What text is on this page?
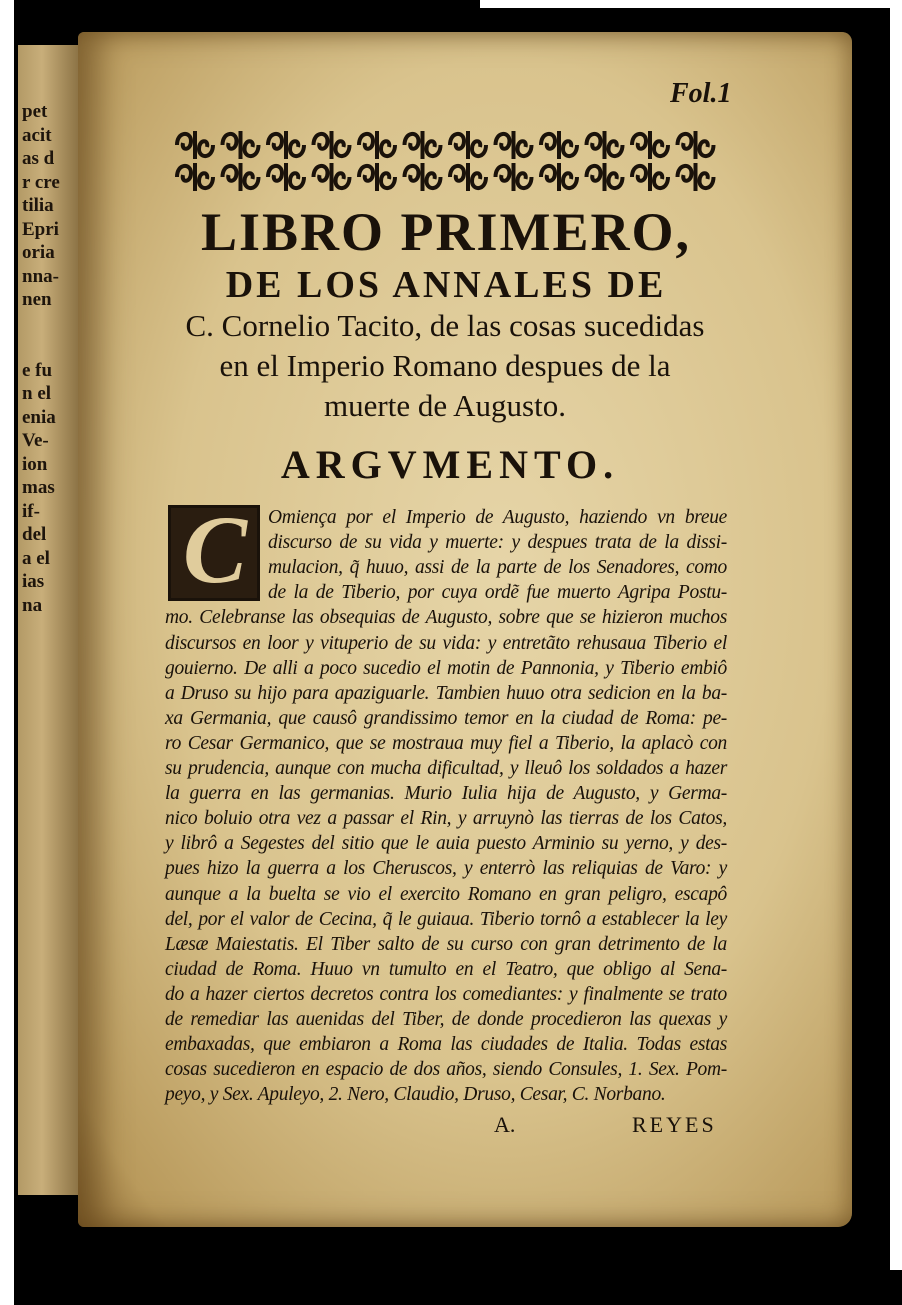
pet
acit
as d
r cre
tilia
Epri
oria
nna-
nen

e fu
n el
enia
Ve-
ion
mas
if-
del
a el
ias
na
Fol.1
LIBRO PRIMERO,
DE LOS ANNALES DE
C. Cornelio Tacito, de las cosas sucedidas
en el Imperio Romano despues de la
muerte de Augusto.
ARGVMENTO.
C Omiença por el Imperio de Augusto, haziendo vn breue
discurso de su vida y muerte: y despues trata de la dissi-
mulacion, q̃ huuo, assi de la parte de los Senadores, como
de la de Tiberio, por cuya ordẽ fue muerto Agripa Postu-
mo. Celebranse las obsequias de Augusto, sobre que se hizieron muchos
discursos en loor y vituperio de su vida: y entretãto rehusaua Tiberio el
gouierno. De alli a poco sucedio el motin de Pannonia, y Tiberio embiô
a Druso su hijo para apaziguarle. Tambien huuo otra sedicion en la ba-
xa Germania, que causô grandissimo temor en la ciudad de Roma: pe-
ro Cesar Germanico, que se mostraua muy fiel a Tiberio, la aplacò con
su prudencia, aunque con mucha dificultad, y lleuô los soldados a hazer
la guerra en las germanias. Murio Iulia hija de Augusto, y Germa-
nico boluio otra vez a passar el Rin, y arruynò las tierras de los Catos,
y librô a Segestes del sitio que le auia puesto Arminio su yerno, y des-
pues hizo la guerra a los Cheruscos, y enterrò las reliquias de Varo: y
aunque a la buelta se vio el exercito Romano en gran peligro, escapô
del, por el valor de Cecina, q̃ le guiaua. Tiberio tornô a establecer la ley
Læsæ Maiestatis. El Tiber salto de su curso con gran detrimento de la
ciudad de Roma. Huuo vn tumulto en el Teatro, que obligo al Sena-
do a hazer ciertos decretos contra los comediantes: y finalmente se trato
de remediar las auenidas del Tiber, de donde procedieron las quexas y
embaxadas, que embiaron a Roma las ciudades de Italia. Todas estas
cosas sucedieron en espacio de dos años, siendo Consules, 1. Sex. Pom-
peyo, y Sex. Apuleyo, 2. Nero, Claudio, Druso, Cesar, C. Norbano.
A.	REYES
